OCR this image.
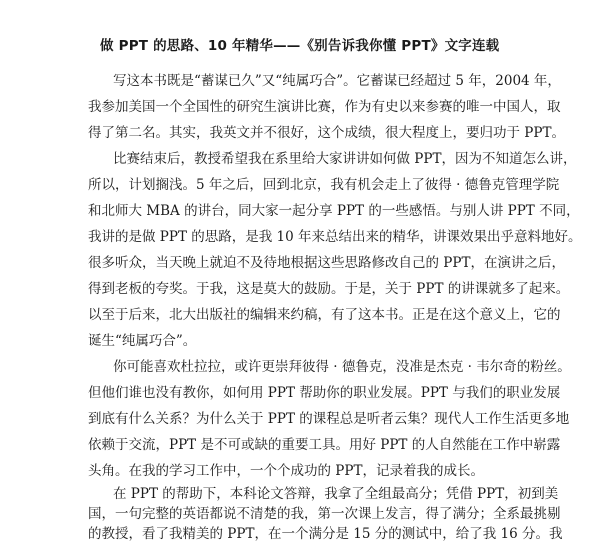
做 PPT 的思路、10 年精华——《别告诉我你懂 PPT》文字连载
写这本书既是“蓄谋已久”又“纯属巧合”。它蓄谋已经超过 5 年，2004 年，
我参加美国一个全国性的研究生演讲比赛，作为有史以来参赛的唯一中国人，取
得了第二名。其实，我英文并不很好，这个成绩，很大程度上，要归功于 PPT。
比赛结束后，教授希望我在系里给大家讲讲如何做 PPT，因为不知道怎么讲，
所以，计划搁浅。5 年之后，回到北京，我有机会走上了彼得 · 德鲁克管理学院
和北师大 MBA 的讲台，同大家一起分享 PPT 的一些感悟。与别人讲 PPT 不同，
我讲的是做 PPT 的思路，是我 10 年来总结出来的精华，讲课效果出乎意料地好。
很多听众，当天晚上就迫不及待地根据这些思路修改自己的 PPT，在演讲之后，
得到老板的夸奖。于我，这是莫大的鼓励。于是，关于 PPT 的讲课就多了起来。
以至于后来，北大出版社的编辑来约稿，有了这本书。正是在这个意义上，它的
诞生“纯属巧合”。
你可能喜欢杜拉拉，或许更崇拜彼得 · 德鲁克，没准是杰克 · 韦尔奇的粉丝。
但他们谁也没有教你，如何用 PPT 帮助你的职业发展。PPT 与我们的职业发展
到底有什么关系？为什么关于 PPT 的课程总是听者云集？现代人工作生活更多地
依赖于交流，PPT 是不可或缺的重要工具。用好 PPT 的人自然能在工作中崭露
头角。在我的学习工作中，一个个成功的 PPT，记录着我的成长。
在 PPT 的帮助下，本科论文答辩，我拿了全组最高分；凭借 PPT，初到美
国，一句完整的英语都说不清楚的我，第一次课上发言，得了满分；全系最挑剔
的教授，看了我精美的 PPT，在一个满分是 15 分的测试中，给了我 16 分。我
